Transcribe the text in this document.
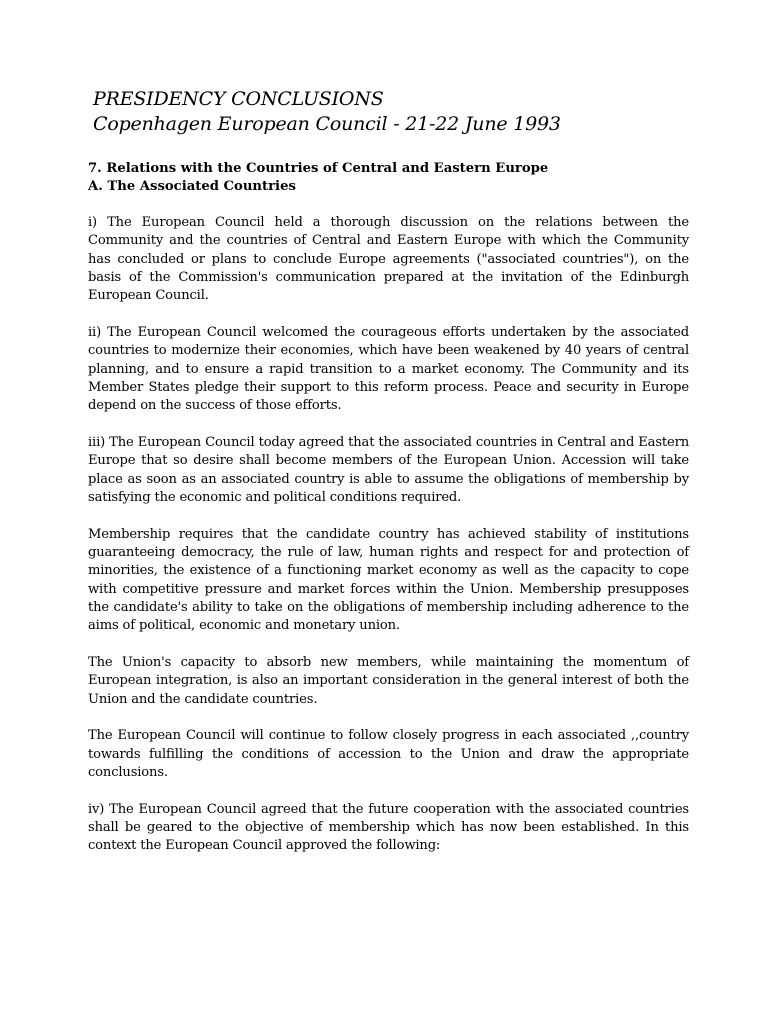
PRESIDENCY CONCLUSIONS
Copenhagen European Council - 21-22 June 1993
7. Relations with the Countries of Central and Eastern Europe
A. The Associated Countries

i) The European Council held a thorough discussion on the relations between the Community and the countries of Central and Eastern Europe with which the Community has concluded or plans to conclude Europe agreements ("associated countries"), on the basis of the Commission's communication prepared at the invitation of the Edinburgh European Council.

ii) The European Council welcomed the courageous efforts undertaken by the associated countries to modernize their economies, which have been weakened by 40 years of central planning, and to ensure a rapid transition to a market economy. The Community and its Member States pledge their support to this reform process. Peace and security in Europe depend on the success of those efforts.

iii) The European Council today agreed that the associated countries in Central and Eastern Europe that so desire shall become members of the European Union. Accession will take place as soon as an associated country is able to assume the obligations of membership by satisfying the economic and political conditions required.

Membership requires that the candidate country has achieved stability of institutions guaranteeing democracy, the rule of law, human rights and respect for and protection of minorities, the existence of a functioning market economy as well as the capacity to cope with competitive pressure and market forces within the Union. Membership presupposes the candidate's ability to take on the obligations of membership including adherence to the aims of political, economic and monetary union.

The Union's capacity to absorb new members, while maintaining the momentum of European integration, is also an important consideration in the general interest of both the Union and the candidate countries.

The European Council will continue to follow closely progress in each associated ,,country towards fulfilling the conditions of accession to the Union and draw the appropriate conclusions.

iv) The European Council agreed that the future cooperation with the associated countries shall be geared to the objective of membership which has now been established. In this context the European Council approved the following:
